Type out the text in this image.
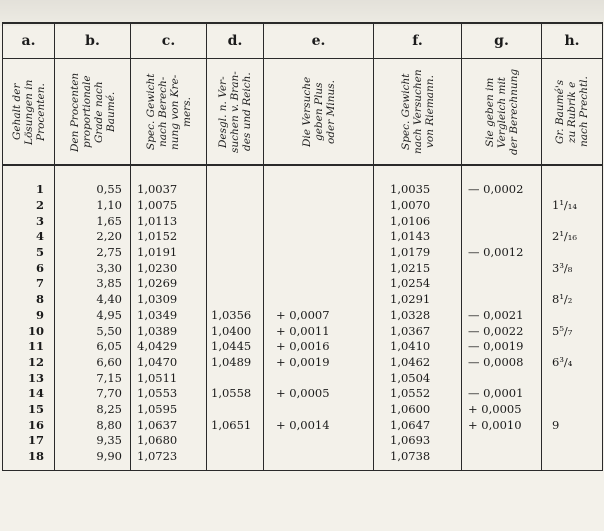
a.	b.	c.	d.	e.	f.	g.	h.

Gehalt der
Lösungen in
Procenten.	Den Procenten
proportionale
Grade nach
Baumé.	Spec. Gewicht
nach Berech-
nung von Kre-
mers.	Desgl. n. Ver-
suchen v. Bran-
des und Reich.	Die Versuche
geben Plus
oder Minus.	Spec. Gewicht
nach Versuchen
von Riemann.	Sie geben im
Vergleich mit
der Berechnung	Gr. Baumé's
zu Rubrik e
nach Prechtl.

1	0,55	1,0037			1,0035	— 0,0002	
2	1,10	1,0075			1,0070		1¹/₁₄
3	1,65	1,0113			1,0106		
4	2,20	1,0152			1,0143		2¹/₁₆
5	2,75	1,0191			1,0179	— 0,0012	
6	3,30	1,0230			1,0215		3³/₈
7	3,85	1,0269			1,0254		
8	4,40	1,0309			1,0291		8¹/₂
9	4,95	1,0349	1,0356	+ 0,0007	1,0328	— 0,0021	
10	5,50	1,0389	1,0400	+ 0,0011	1,0367	— 0,0022	5⁵/₇
11	6,05	4,0429	1,0445	+ 0,0016	1,0410	— 0,0019	
12	6,60	1,0470	1,0489	+ 0,0019	1,0462	— 0,0008	6³/₄
13	7,15	1,0511			1,0504		
14	7,70	1,0553	1,0558	+ 0,0005	1,0552	— 0,0001	
15	8,25	1,0595			1,0600	+ 0,0005	
16	8,80	1,0637	1,0651	+ 0,0014	1,0647	+ 0,0010	9
17	9,35	1,0680			1,0693		
18	9,90	1,0723			1,0738		
